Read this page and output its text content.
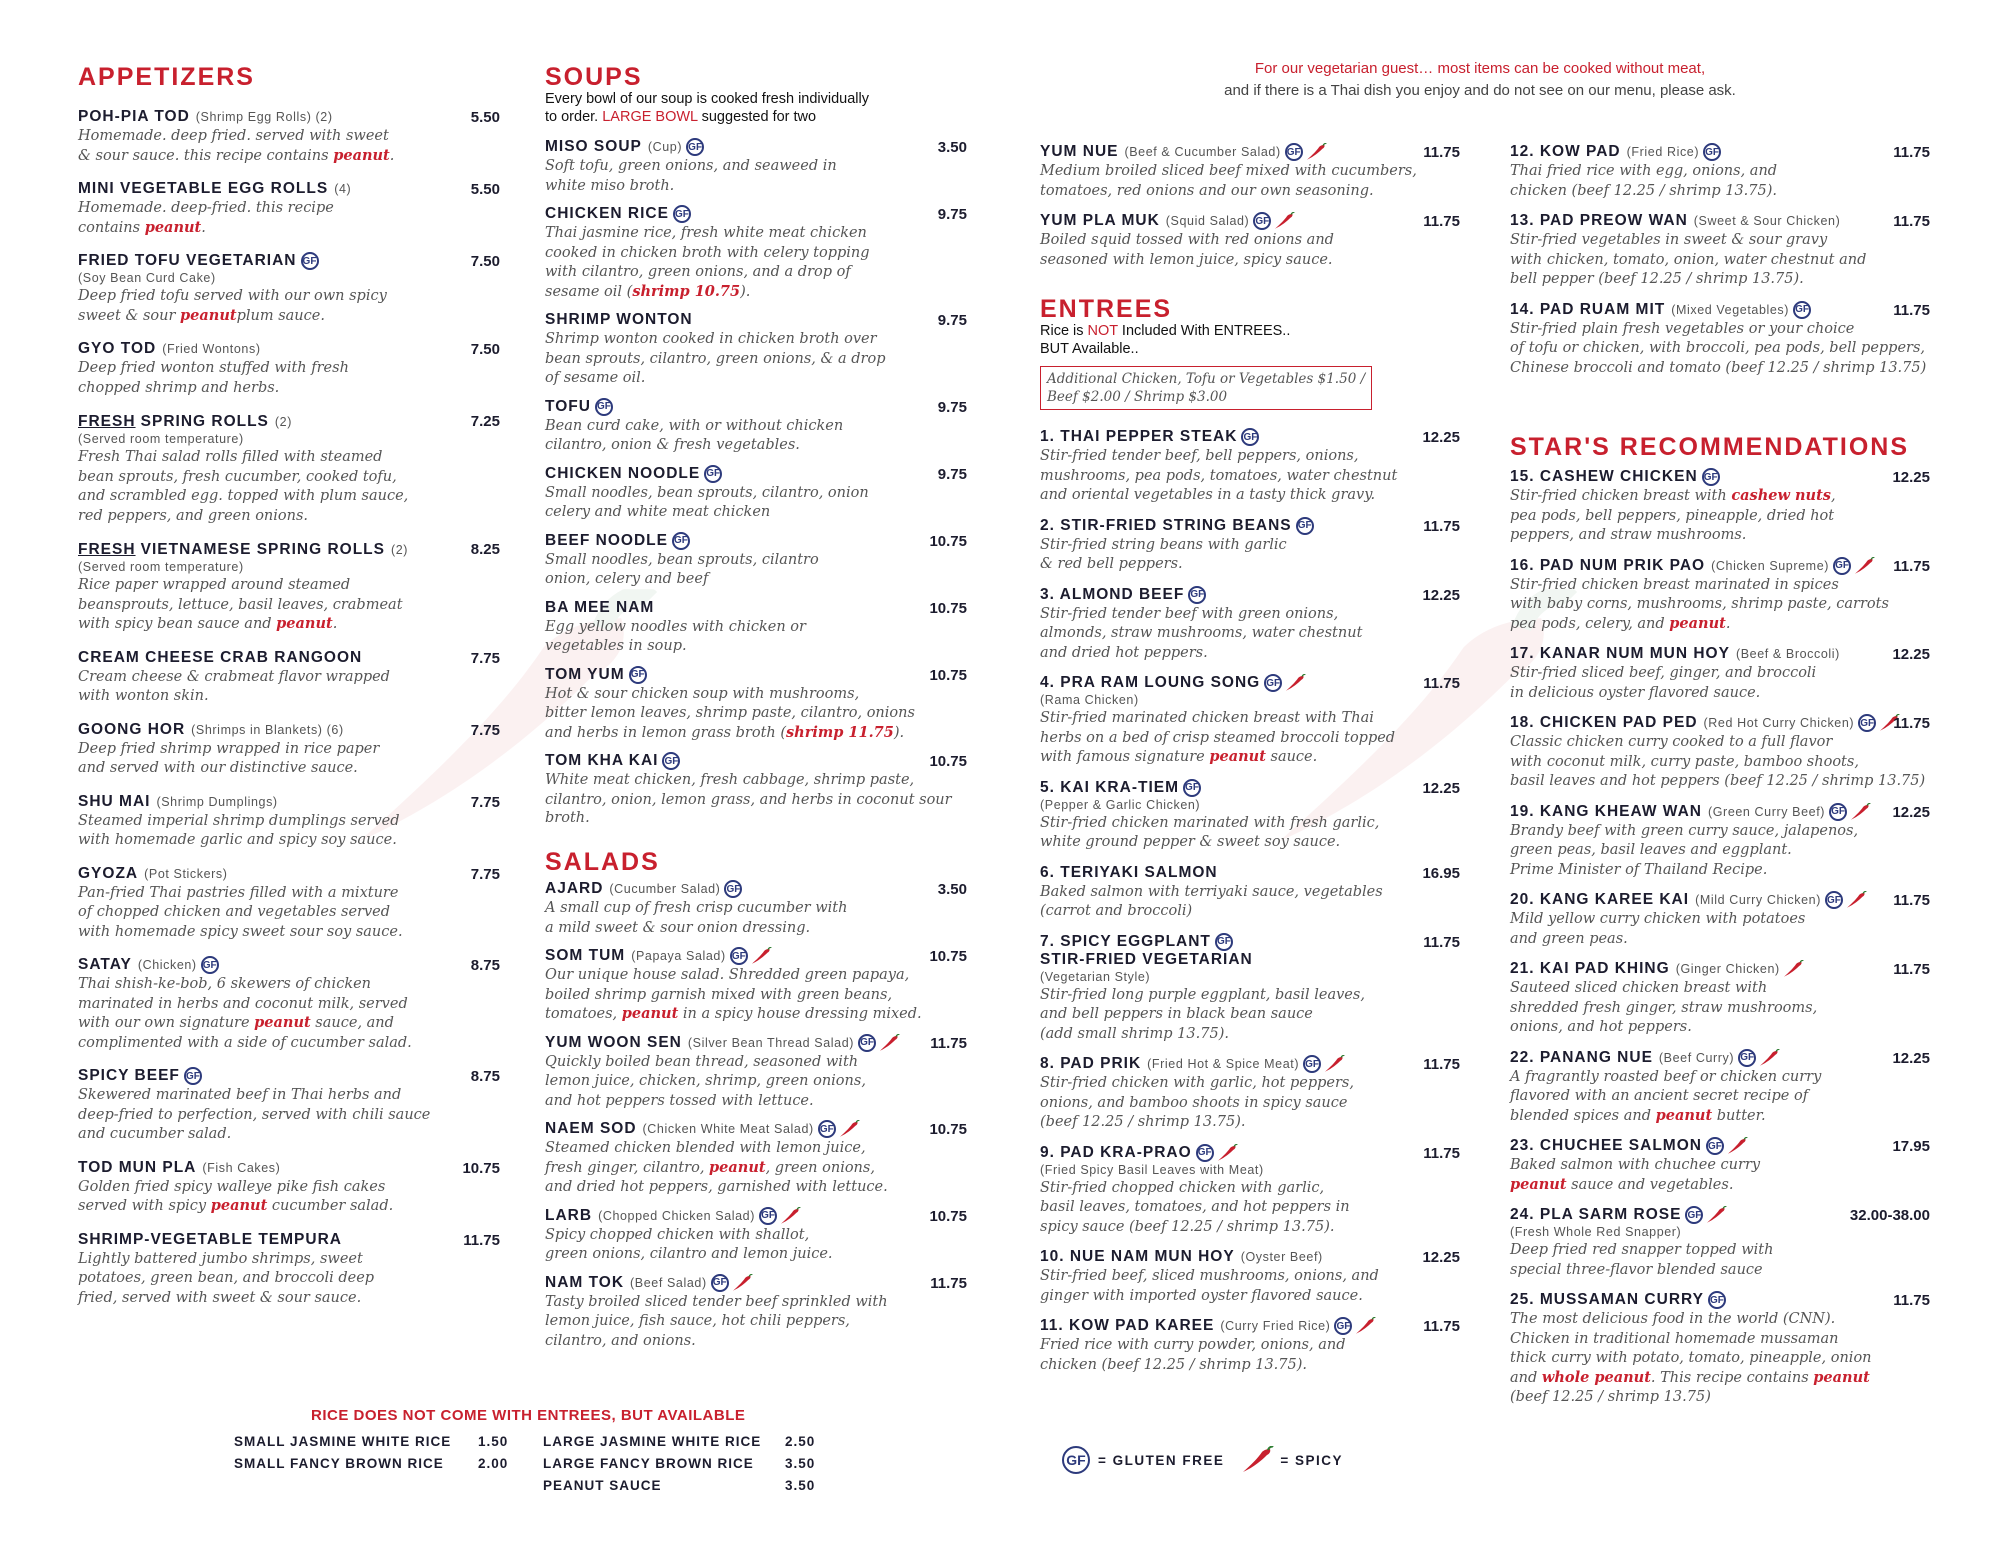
APPETIZERS
POH-PIA TOD (Shrimp Egg Rolls) (2)	5.50

Homemade. deep fried. served with sweet

& sour sauce. this recipe contains peanut.

MINI VEGETABLE EGG ROLLS (4)	5.50

Homemade. deep-fried. this recipe

contains peanut.

FRIED TOFU VEGETARIAN GF	7.50
(Soy Bean Curd Cake)

Deep fried tofu served with our own spicy

sweet & sour peanutplum sauce.

GYO TOD (Fried Wontons)	7.50

Deep fried wonton stuffed with fresh

chopped shrimp and herbs.

FRESH
SPRING ROLLS (2)	7.25
(Served room temperature)

Fresh Thai salad rolls filled with steamed

bean sprouts, fresh cucumber, cooked tofu,

and scrambled egg. topped with plum sauce,

red peppers, and green onions.

FRESH
VIETNAMESE SPRING ROLLS (2)	8.25
(Served room temperature)

Rice paper wrapped around steamed

beansprouts, lettuce, basil leaves, crabmeat

with spicy bean sauce and peanut.

CREAM CHEESE CRAB RANGOON	7.75

Cream cheese & crabmeat flavor wrapped

with wonton skin.

GOONG HOR (Shrimps in Blankets) (6)	7.75

Deep fried shrimp wrapped in rice paper

and served with our distinctive sauce.

SHU MAI (Shrimp Dumplings)	7.75

Steamed imperial shrimp dumplings served

with homemade garlic and spicy soy sauce.

GYOZA (Pot Stickers)	7.75

Pan-fried Thai pastries filled with a mixture

of chopped chicken and vegetables served

with homemade spicy sweet sour soy sauce.

SATAY (Chicken) GF	8.75

Thai shish-ke-bob, 6 skewers of chicken

marinated in herbs and coconut milk, served

with our own signature peanut sauce, and

complimented with a side of cucumber salad.

SPICY BEEF GF	8.75

Skewered marinated beef in Thai herbs and

deep-fried to perfection, served with chili sauce

and cucumber salad.

TOD MUN PLA (Fish Cakes)	10.75

Golden fried spicy walleye pike fish cakes

served with spicy peanut cucumber salad.

SHRIMP-VEGETABLE TEMPURA	11.75

Lightly battered jumbo shrimps, sweet

potatoes, green bean, and broccoli deep

fried, served with sweet & sour sauce.

SOUPS

Every bowl of our soup is cooked fresh individually

to order. LARGE BOWL suggested for two

MISO SOUP (Cup) GF	3.50

Soft tofu, green onions, and seaweed in

white miso broth.

CHICKEN RICE GF	9.75

Thai jasmine rice, fresh white meat chicken

cooked in chicken broth with celery topping

with cilantro, green onions, and a drop of

sesame oil (shrimp 10.75).

SHRIMP WONTON	9.75

Shrimp wonton cooked in chicken broth over

bean sprouts, cilantro, green onions, & a drop

of sesame oil.

TOFU GF	9.75

Bean curd cake, with or without chicken

cilantro, onion & fresh vegetables.

CHICKEN NOODLE GF	9.75

Small noodles, bean sprouts, cilantro, onion

celery and white meat chicken

BEEF NOODLE GF	10.75

Small noodles, bean sprouts, cilantro

onion, celery and beef

BA MEE NAM	10.75

Egg yellow noodles with chicken or

vegetables in soup.

TOM YUM GF	10.75

Hot & sour chicken soup with mushrooms,

bitter lemon leaves, shrimp paste, cilantro, onions

and herbs in lemon grass broth (shrimp 11.75).

TOM KHA KAI GF	10.75

White meat chicken, fresh cabbage, shrimp paste,

cilantro, onion, lemon grass, and herbs in coconut sour broth.

SALADS
AJARD (Cucumber Salad) GF	3.50

A small cup of fresh crisp cucumber with

a mild sweet & sour onion dressing.

SOM TUM (Papaya Salad) GF	10.75

Our unique house salad. Shredded green papaya,

boiled shrimp garnish mixed with green beans,

tomatoes, peanut in a spicy house dressing mixed.

YUM WOON SEN (Silver Bean Thread Salad) GF	11.75

Quickly boiled bean thread, seasoned with

lemon juice, chicken, shrimp, green onions,

and hot peppers tossed with lettuce.

NAEM SOD (Chicken White Meat Salad) GF	10.75

Steamed chicken blended with lemon juice,

fresh ginger, cilantro, peanut, green onions,

and dried hot peppers, garnished with lettuce.

LARB (Chopped Chicken Salad) GF	10.75

Spicy chopped chicken with shallot,

green onions, cilantro and lemon juice.

NAM TOK (Beef Salad) GF	11.75

Tasty broiled sliced tender beef sprinkled with

lemon juice, fish sauce, hot chili peppers,

cilantro, and onions.

RICE DOES NOT COME WITH ENTREES, BUT AVAILABLE
SMALL JASMINE WHITE RICE 1.50
SMALL FANCY BROWN RICE	2.00
LARGE JASMINE WHITE RICE 2.50
LARGE FANCY BROWN RICE 3.50
PEANUT SAUCE	3.50
For our vegetarian guest… most items can be cooked without meat,
and if there is a Thai dish you enjoy and do not see on our menu, please ask.
YUM NUE (Beef & Cucumber Salad) GF	11.75

Medium broiled sliced beef mixed with cucumbers,

tomatoes, red onions and our own seasoning.

YUM PLA MUK (Squid Salad) GF	11.75

Boiled squid tossed with red onions and

seasoned with lemon juice, spicy sauce.

ENTREES

Rice is NOT Included With ENTREES..

BUT Available..

Additional Chicken, Tofu or Vegetables $1.50 /
Beef $2.00 / Shrimp $3.00
1. THAI PEPPER STEAK GF	12.25

Stir-fried tender beef, bell peppers, onions,

mushrooms, pea pods, tomatoes, water chestnut

and oriental vegetables in a tasty thick gravy.

2. STIR-FRIED STRING BEANS GF	11.75

Stir-fried string beans with garlic

& red bell peppers.

3. ALMOND BEEF GF	12.25

Stir-fried tender beef with green onions,

almonds, straw mushrooms, water chestnut

and dried hot peppers.

4. PRA RAM LOUNG SONG GF	11.75
(Rama Chicken)

Stir-fried marinated chicken breast with Thai

herbs on a bed of crisp steamed broccoli topped

with famous signature peanut sauce.

5. KAI KRA-TIEM GF	12.25
(Pepper & Garlic Chicken)

Stir-fried chicken marinated with fresh garlic,

white ground pepper & sweet soy sauce.

6. TERIYAKI SALMON	16.95

Baked salmon with terriyaki sauce, vegetables

(carrot and broccoli)

7. SPICY EGGPLANT GF	11.75
STIR-FRIED VEGETARIAN
(Vegetarian Style)

Stir-fried long purple eggplant, basil leaves,

and bell peppers in black bean sauce

(add small shrimp 13.75).

8. PAD PRIK (Fried Hot & Spice Meat) GF	11.75

Stir-fried chicken with garlic, hot peppers,

onions, and bamboo shoots in spicy sauce

(beef 12.25 / shrimp 13.75).

9. PAD KRA-PRAO GF	11.75
(Fried Spicy Basil Leaves with Meat)

Stir-fried chopped chicken with garlic,

basil leaves, tomatoes, and hot peppers in

spicy sauce (beef 12.25 / shrimp 13.75).

10. NUE NAM MUN HOY (Oyster Beef)	12.25

Stir-fried beef, sliced mushrooms, onions, and

ginger with imported oyster flavored sauce.

11. KOW PAD KAREE (Curry Fried Rice) GF	11.75

Fried rice with curry powder, onions, and

chicken (beef 12.25 / shrimp 13.75).

GF = GLUTEN FREE	= SPICY
12. KOW PAD (Fried Rice) GF	11.75

Thai fried rice with egg, onions, and

chicken (beef 12.25 / shrimp 13.75).

13. PAD PREOW WAN (Sweet & Sour Chicken)	11.75

Stir-fried vegetables in sweet & sour gravy

with chicken, tomato, onion, water chestnut and

bell pepper (beef 12.25 / shrimp 13.75).

14. PAD RUAM MIT (Mixed Vegetables) GF	11.75

Stir-fried plain fresh vegetables or your choice

of tofu or chicken, with broccoli, pea pods, bell peppers,

Chinese broccoli and tomato (beef 12.25 / shrimp 13.75)

STAR'S RECOMMENDATIONS
15. CASHEW CHICKEN GF	12.25

Stir-fried chicken breast with cashew nuts,

pea pods, bell peppers, pineapple, dried hot

peppers, and straw mushrooms.

16. PAD NUM PRIK PAO (Chicken Supreme) GF	11.75

Stir-fried chicken breast marinated in spices

with baby corns, mushrooms, shrimp paste, carrots

pea pods, celery, and peanut.

17. KANAR NUM MUN HOY (Beef & Broccoli)	12.25

Stir-fried sliced beef, ginger, and broccoli

in delicious oyster flavored sauce.

18. CHICKEN PAD PED (Red Hot Curry Chicken) GF 11.75

Classic chicken curry cooked to a full flavor

with coconut milk, curry paste, bamboo shoots,

basil leaves and hot peppers (beef 12.25 / shrimp 13.75)

19. KANG KHEAW WAN (Green Curry Beef) GF	12.25

Brandy beef with green curry sauce, jalapenos,

green peas, basil leaves and eggplant.

Prime Minister of Thailand Recipe.

20. KANG KAREE KAI (Mild Curry Chicken) GF	11.75

Mild yellow curry chicken with potatoes

and green peas.

21. KAI PAD KHING (Ginger Chicken)	11.75

Sauteed sliced chicken breast with

shredded fresh ginger, straw mushrooms,

onions, and hot peppers.

22. PANANG NUE (Beef Curry) GF	12.25

A fragrantly roasted beef or chicken curry

flavored with an ancient secret recipe of

blended spices and peanut butter.

23. CHUCHEE SALMON GF	17.95

Baked salmon with chuchee curry

peanut sauce and vegetables.

24. PLA SARM ROSE GF	32.00-38.00
(Fresh Whole Red Snapper)

Deep fried red snapper topped with

special three-flavor blended sauce

25. MUSSAMAN CURRY GF	11.75

The most delicious food in the world (CNN).

Chicken in traditional homemade mussaman

thick curry with potato, tomato, pineapple, onion

and whole peanut. This recipe contains peanut

(beef 12.25 / shrimp 13.75)
